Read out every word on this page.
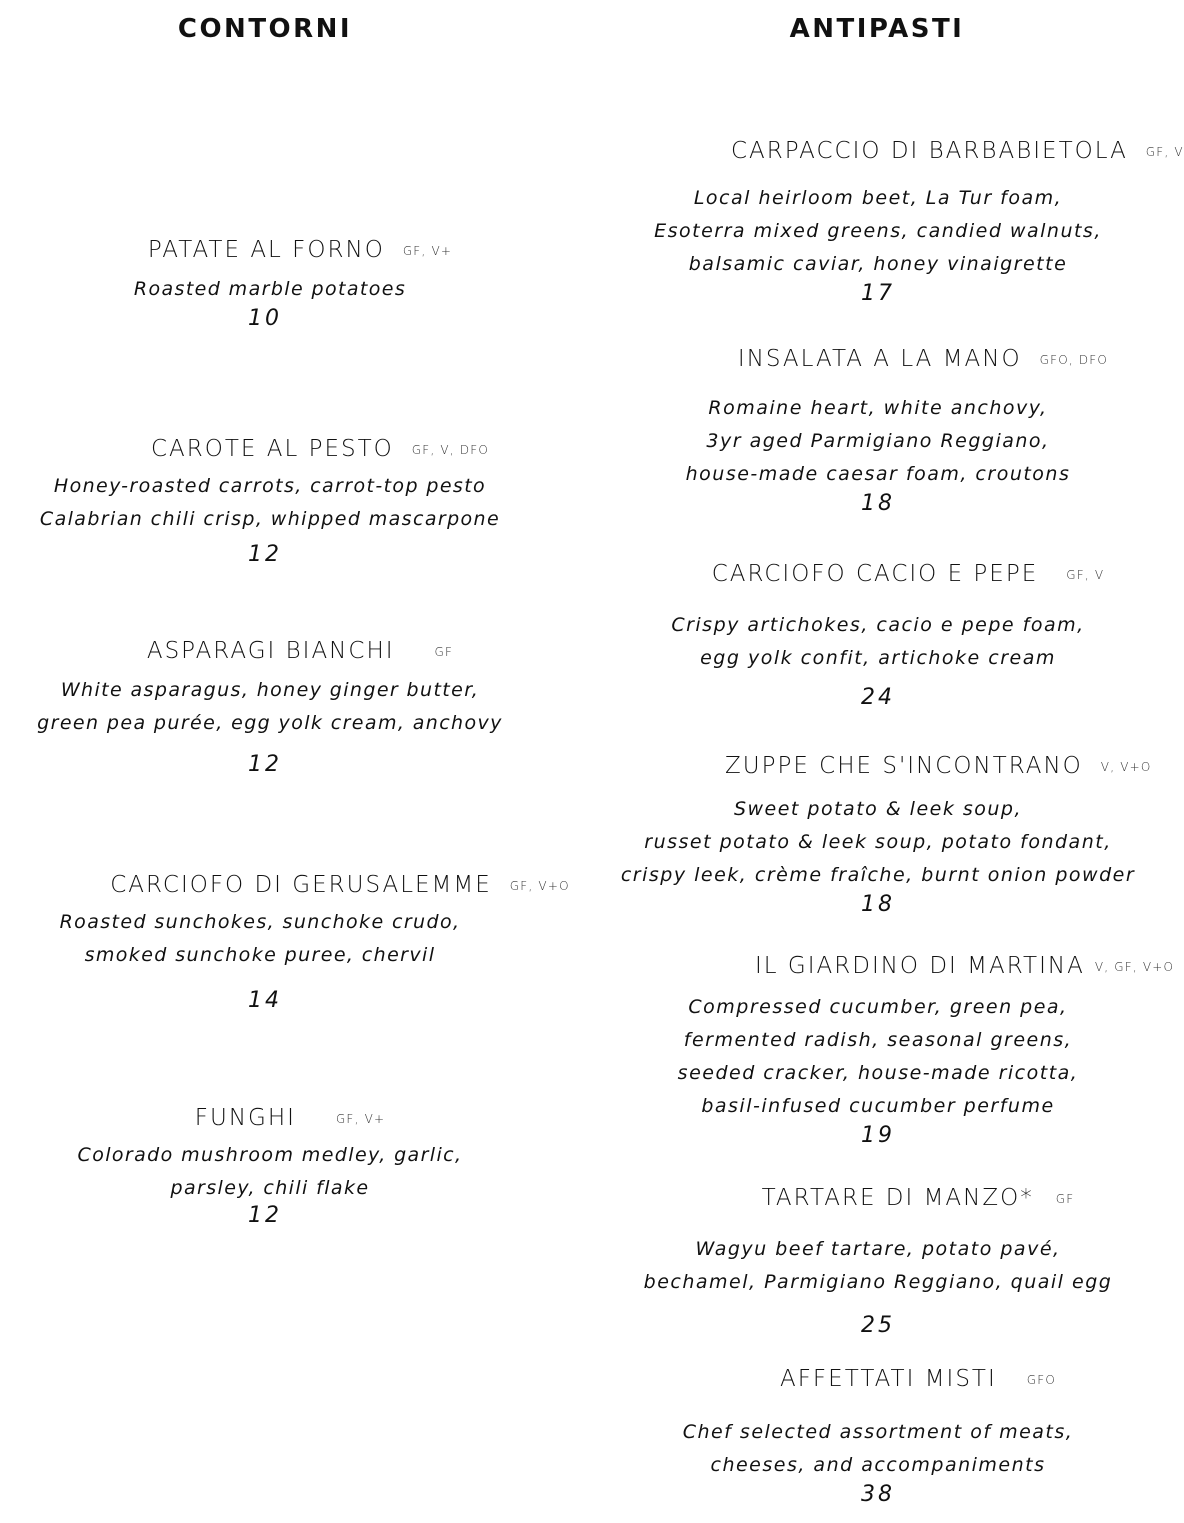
CONTORNI	ANTIPASTI

PATATE AL FORNO GF, V+

Roasted marble potatoes

10

CAROTE AL PESTO GF, V, DFO

Honey-roasted carrots, carrot-top pesto
Calabrian chili crisp, whipped mascarpone

12

ASPARAGI BIANCHI	GF

White asparagus, honey ginger butter,
green pea purée, egg yolk cream, anchovy

12

CARCIOFO DI GERUSALEMME GF, V+O

Roasted sunchokes, sunchoke crudo,
smoked sunchoke puree, chervil

14

FUNGHI	GF, V+

Colorado mushroom medley, garlic,
parsley, chili flake

12

CARPACCIO DI BARBABIETOLA GF, V

Local heirloom beet, La Tur foam,
Esoterra mixed greens, candied walnuts,
balsamic caviar, honey vinaigrette

17

INSALATA A LA MANO GFO, DFO

Romaine heart, white anchovy,
3yr aged Parmigiano Reggiano,
house-made caesar foam, croutons

18

CARCIOFO CACIO E PEPE GF, V

Crispy artichokes, cacio e pepe foam,
egg yolk confit, artichoke cream

24

ZUPPE CHE S'INCONTRANO V, V+O

Sweet potato & leek soup,
russet potato & leek soup, potato fondant,
crispy leek, crème fraîche, burnt onion powder

18

IL GIARDINO DI MARTINA V, GF, V+O

Compressed cucumber, green pea,
fermented radish, seasonal greens,
seeded cracker, house-made ricotta,
basil-infused cucumber perfume

19

TARTARE DI MANZO* GF

Wagyu beef tartare, potato pavé,
bechamel, Parmigiano Reggiano, quail egg

25

AFFETTATI MISTI	GFO

Chef selected assortment of meats,
cheeses, and accompaniments

38
